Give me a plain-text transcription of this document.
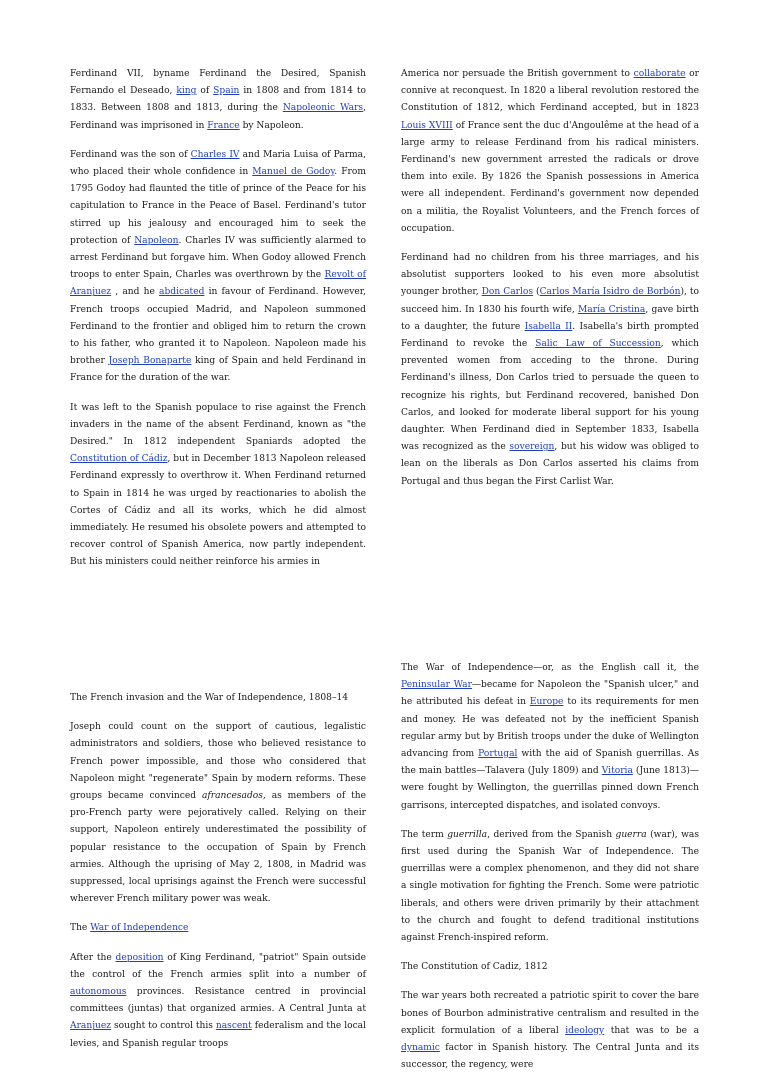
Ferdinand VII, byname Ferdinand the Desired, Spanish Fernando el Deseado, king of Spain in 1808 and from 1814 to 1833. Between 1808 and 1813, during the Napoleonic Wars, Ferdinand was imprisoned in France by Napoleon.

Ferdinand was the son of Charles IV and Maria Luisa of Parma, who placed their whole confidence in Manuel de Godoy. From 1795 Godoy had flaunted the title of prince of the Peace for his capitulation to France in the Peace of Basel. Ferdinand's tutor stirred up his jealousy and encouraged him to seek the protection of Napoleon. Charles IV was sufficiently alarmed to arrest Ferdinand but forgave him. When Godoy allowed French troops to enter Spain, Charles was overthrown by the Revolt of Aranjuez , and he abdicated in favour of Ferdinand. However, French troops occupied Madrid, and Napoleon summoned Ferdinand to the frontier and obliged him to return the crown to his father, who granted it to Napoleon. Napoleon made his brother Joseph Bonaparte king of Spain and held Ferdinand in France for the duration of the war.

It was left to the Spanish populace to rise against the French invaders in the name of the absent Ferdinand, known as "the Desired." In 1812 independent Spaniards adopted the Constitution of Cádiz, but in December 1813 Napoleon released Ferdinand expressly to overthrow it. When Ferdinand returned to Spain in 1814 he was urged by reactionaries to abolish the Cortes of Cádiz and all its works, which he did almost immediately. He resumed his obsolete powers and attempted to recover control of Spanish America, now partly independent. But his ministers could neither reinforce his armies in

America nor persuade the British government to collaborate or connive at reconquest. In 1820 a liberal revolution restored the Constitution of 1812, which Ferdinand accepted, but in 1823 Louis XVIII of France sent the duc d'Angoulême at the head of a large army to release Ferdinand from his radical ministers. Ferdinand's new government arrested the radicals or drove them into exile. By 1826 the Spanish possessions in America were all independent. Ferdinand's government now depended on a militia, the Royalist Volunteers, and the French forces of occupation.

Ferdinand had no children from his three marriages, and his absolutist supporters looked to his even more absolutist younger brother, Don Carlos (Carlos María Isidro de Borbón), to succeed him. In 1830 his fourth wife, María Cristina, gave birth to a daughter, the future Isabella II. Isabella's birth prompted Ferdinand to revoke the Salic Law of Succession, which prevented women from acceding to the throne. During Ferdinand's illness, Don Carlos tried to persuade the queen to recognize his rights, but Ferdinand recovered, banished Don Carlos, and looked for moderate liberal support for his young daughter. When Ferdinand died in September 1833, Isabella was recognized as the sovereign, but his widow was obliged to lean on the liberals as Don Carlos asserted his claims from Portugal and thus began the First Carlist War.

The French invasion and the War of Independence, 1808–14

Joseph could count on the support of cautious, legalistic administrators and soldiers, those who believed resistance to French power impossible, and those who considered that Napoleon might "regenerate" Spain by modern reforms. These groups became convinced afrancesados, as members of the pro-French party were pejoratively called. Relying on their support, Napoleon entirely underestimated the possibility of popular resistance to the occupation of Spain by French armies. Although the uprising of May 2, 1808, in Madrid was suppressed, local uprisings against the French were successful wherever French military power was weak.

The War of Independence

After the deposition of King Ferdinand, "patriot" Spain outside the control of the French armies split into a number of autonomous provinces. Resistance centred in provincial committees (juntas) that organized armies. A Central Junta at Aranjuez sought to control this nascent federalism and the local levies, and Spanish regular troops

The War of Independence—or, as the English call it, the Peninsular War—became for Napoleon the "Spanish ulcer," and he attributed his defeat in Europe to its requirements for men and money. He was defeated not by the inefficient Spanish regular army but by British troops under the duke of Wellington advancing from Portugal with the aid of Spanish guerrillas. As the main battles—Talavera (July 1809) and Vitoria (June 1813)—were fought by Wellington, the guerrillas pinned down French garrisons, intercepted dispatches, and isolated convoys.

The term guerrilla, derived from the Spanish guerra (war), was first used during the Spanish War of Independence. The guerrillas were a complex phenomenon, and they did not share a single motivation for fighting the French. Some were patriotic liberals, and others were driven primarily by their attachment to the church and fought to defend traditional institutions against French-inspired reform.

The Constitution of Cadiz, 1812

The war years both recreated a patriotic spirit to cover the bare bones of Bourbon administrative centralism and resulted in the explicit formulation of a liberal ideology that was to be a dynamic factor in Spanish history. The Central Junta and its successor, the regency, were
